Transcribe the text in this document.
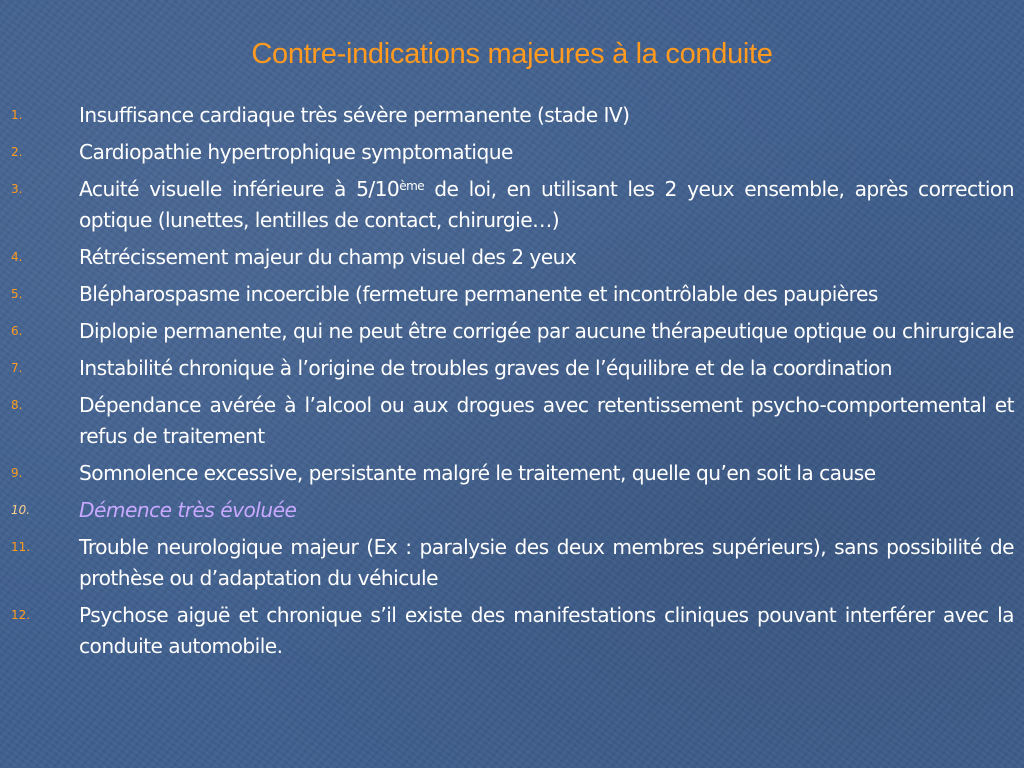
Contre-indications majeures à la conduite
1.	Insuffisance cardiaque très sévère permanente (stade IV)
2.	Cardiopathie hypertrophique symptomatique
3.	Acuité visuelle inférieure à 5/10ème de loi, en utilisant les 2 yeux ensemble, après correction optique (lunettes, lentilles de contact, chirurgie…)
4.	Rétrécissement majeur du champ visuel des 2 yeux
5.	Blépharospasme incoercible (fermeture permanente et incontrôlable des paupières
6.	Diplopie permanente, qui ne peut être corrigée par aucune thérapeutique optique ou chirurgicale
7.	Instabilité chronique à l’origine de troubles graves de l’équilibre et de la coordination
8.	Dépendance avérée à l’alcool ou aux drogues avec retentissement psycho-comportemental et refus de traitement
9.	Somnolence excessive, persistante malgré le traitement, quelle qu’en soit la cause
10. Démence très évoluée
11. Trouble neurologique majeur (Ex : paralysie des deux membres supérieurs), sans possibilité de prothèse ou d’adaptation du véhicule
12. Psychose aiguë et chronique s’il existe des manifestations cliniques pouvant interférer avec la conduite automobile.
